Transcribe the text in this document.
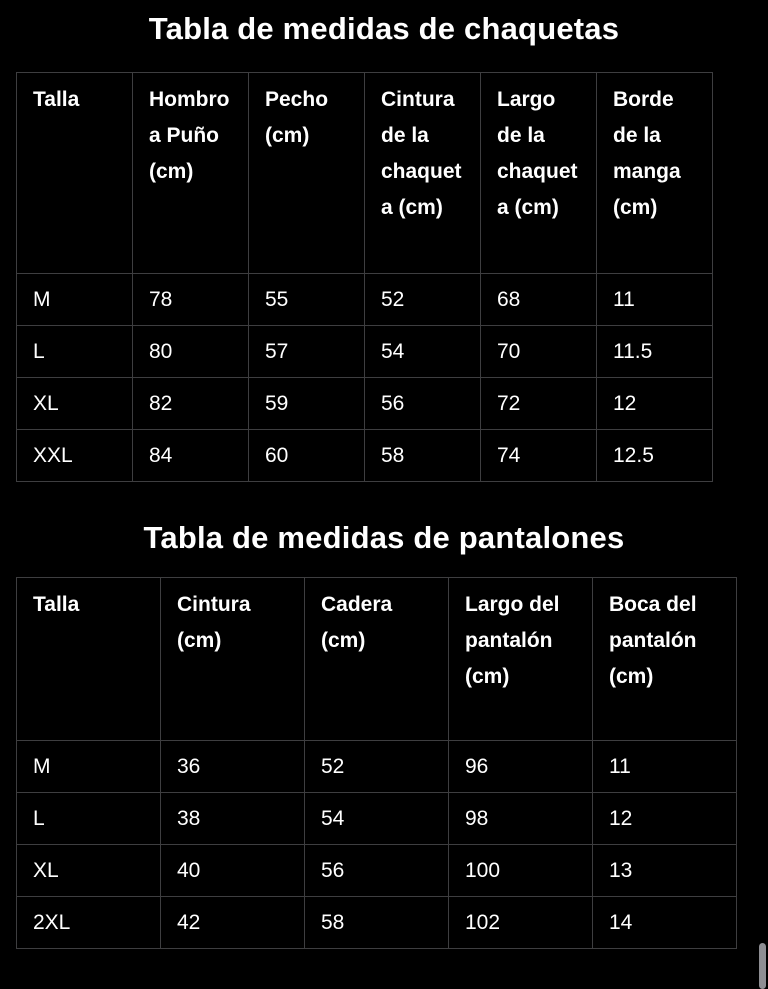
Tabla de medidas de chaquetas
Talla	Hombro a Puño (cm)	Pecho (cm)	Cintura de la chaqueta (cm)	Largo de la chaqueta (cm)	Borde de la manga (cm)
M	78	55	52	68	11
L	80	57	54	70	11.5
XL	82	59	56	72	12
XXL	84	60	58	74	12.5
Tabla de medidas de pantalones
Talla	Cintura (cm)	Cadera (cm)	Largo del pantalón (cm)	Boca del pantalón (cm)
M	36	52	96	11
L	38	54	98	12
XL	40	56	100	13
2XL	42	58	102	14
